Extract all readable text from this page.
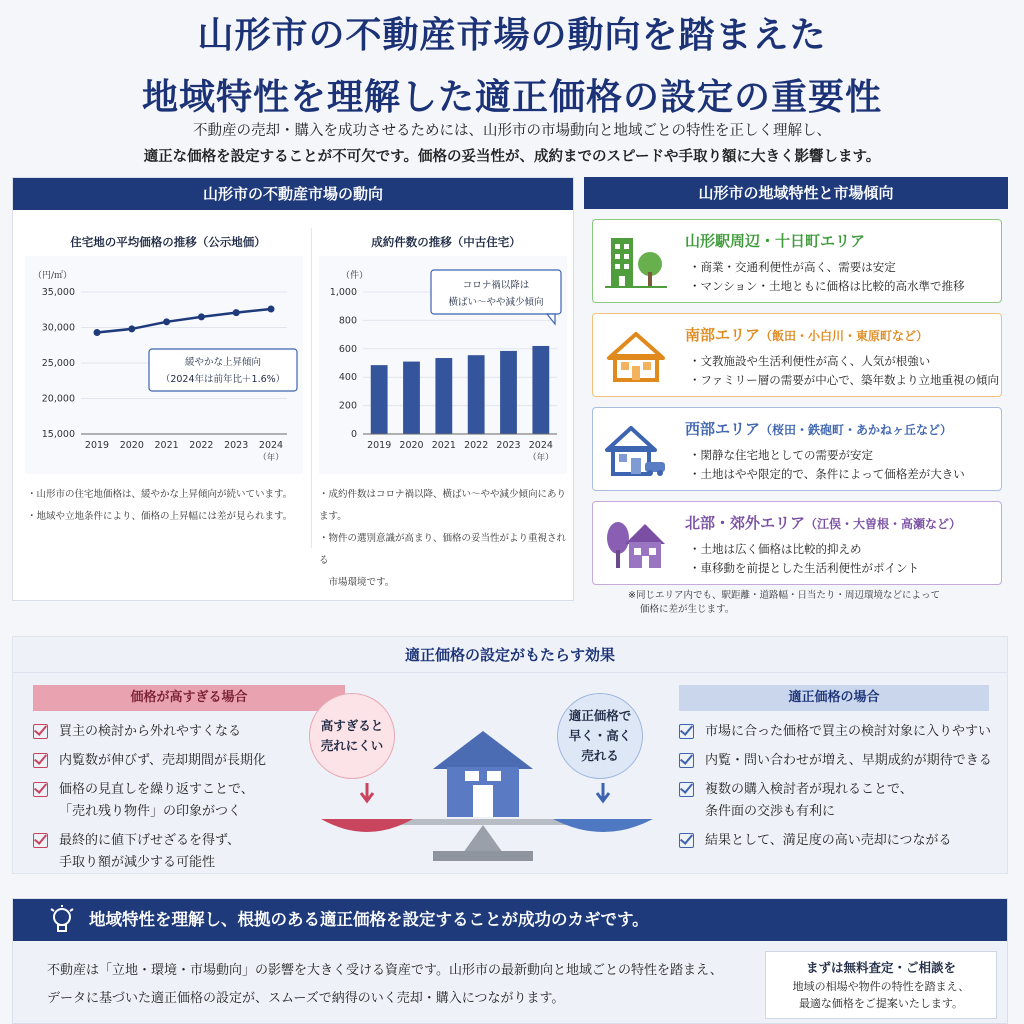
山形市の不動産市場の動向を踏まえた
地域特性を理解した適正価格の設定の重要性
不動産の売却・購入を成功させるためには、山形市の市場動向と地域ごとの特性を正しく理解し、
適正な価格を設定することが不可欠です。価格の妥当性が、成約までのスピードや手取り額に大きく影響します。
山形市の不動産市場の動向
住宅地の平均価格の推移（公示地価）
（円/㎡）
15,000
20,000
25,000
30,000
35,000
2019 2020 2021 2022 2023 2024
（年）
緩やかな上昇傾向
（2024年は前年比＋1.6%）
成約件数の推移（中古住宅）
（件）
0
200
400
600
800
1,000
2019 2020 2021 2022 2023 2024
（年）
コロナ禍以降は
横ばい〜やや減少傾向
・山形市の住宅地価格は、緩やかな上昇傾向が続いています。
・地域や立地条件により、価格の上昇幅には差が見られます。
・成約件数はコロナ禍以降、横ばい〜やや減少傾向にあります。
・物件の選別意識が高まり、価格の妥当性がより重視される
　市場環境です。
山形市の地域特性と市場傾向
山形駅周辺・十日町エリア
・ 商業・交通利便性が高く、需要は安定
・ マンション・土地ともに価格は比較的高水準で推移
南部エリア（飯田・小白川・東原町など）
・ 文教施設や生活利便性が高く、人気が根強い
・ ファミリー層の需要が中心で、築年数より立地重視の傾向
西部エリア（桜田・鉄砲町・あかねヶ丘など）
・ 閑静な住宅地としての需要が安定
・ 土地はやや限定的で、条件によって価格差が大きい
北部・郊外エリア（江俣・大曽根・高瀬など）
・ 土地は広く価格は比較的抑えめ
・ 車移動を前提とした生活利便性がポイント
※同じエリア内でも、駅距離・道路幅・日当たり・周辺環境などによって
価格に差が生じます。
適正価格の設定がもたらす効果
価格が高すぎる場合
買主の検討から外れやすくなる
内覧数が伸びず、売却期間が長期化
価格の見直しを繰り返すことで、
「売れ残り物件」の印象がつく
最終的に値下げせざるを得ず、
手取り額が減少する可能性
高すぎると
売れにくい
適正価格で
早く・高く
売れる
適正価格の場合
市場に合った価格で買主の検討対象に入りやすい
内覧・問い合わせが増え、早期成約が期待できる
複数の購入検討者が現れることで、
条件面の交渉も有利に
結果として、満足度の高い売却につながる
地域特性を理解し、根拠のある適正価格を設定することが成功のカギです。
不動産は「立地・環境・市場動向」の影響を大きく受ける資産です。山形市の最新動向と地域ごとの特性を踏まえ、
データに基づいた適正価格の設定が、スムーズで納得のいく売却・購入につながります。
まずは無料査定・ご相談を
地域の相場や物件の特性を踏まえ、
最適な価格をご提案いたします。
